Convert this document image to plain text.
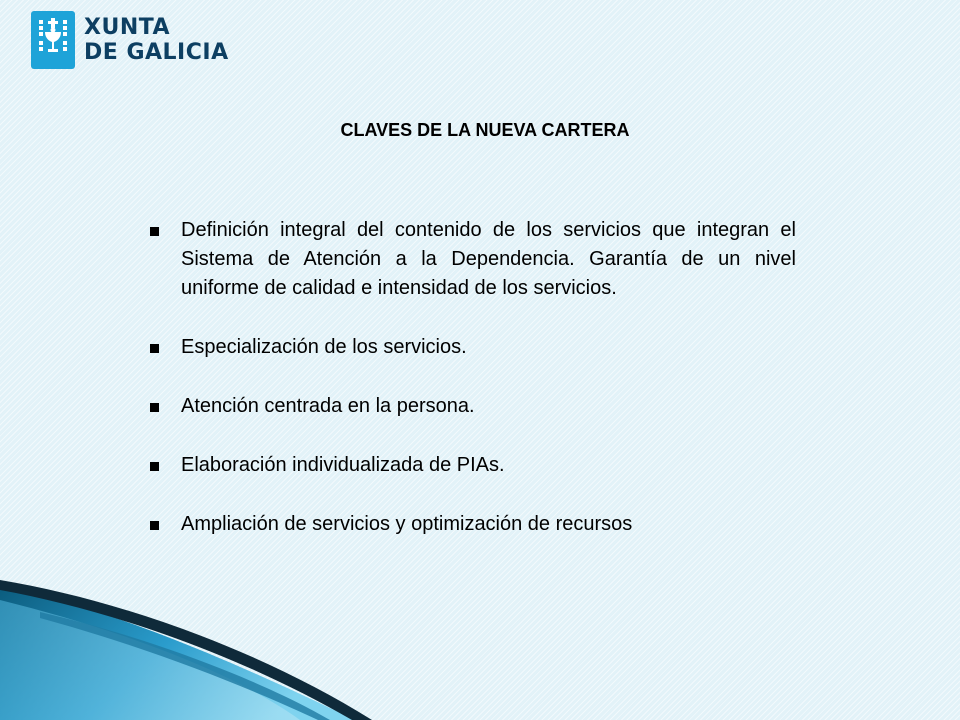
XUNTA
DE GALICIA
CLAVES DE LA NUEVA CARTERA
Definición integral del contenido de los servicios que integran el Sistema de Atención a la Dependencia. Garantía de un nivel uniforme de calidad e intensidad de los servicios.
Especialización de los servicios.
Atención centrada en la persona.
Elaboración individualizada de PIAs.
Ampliación de servicios y optimización de recursos
